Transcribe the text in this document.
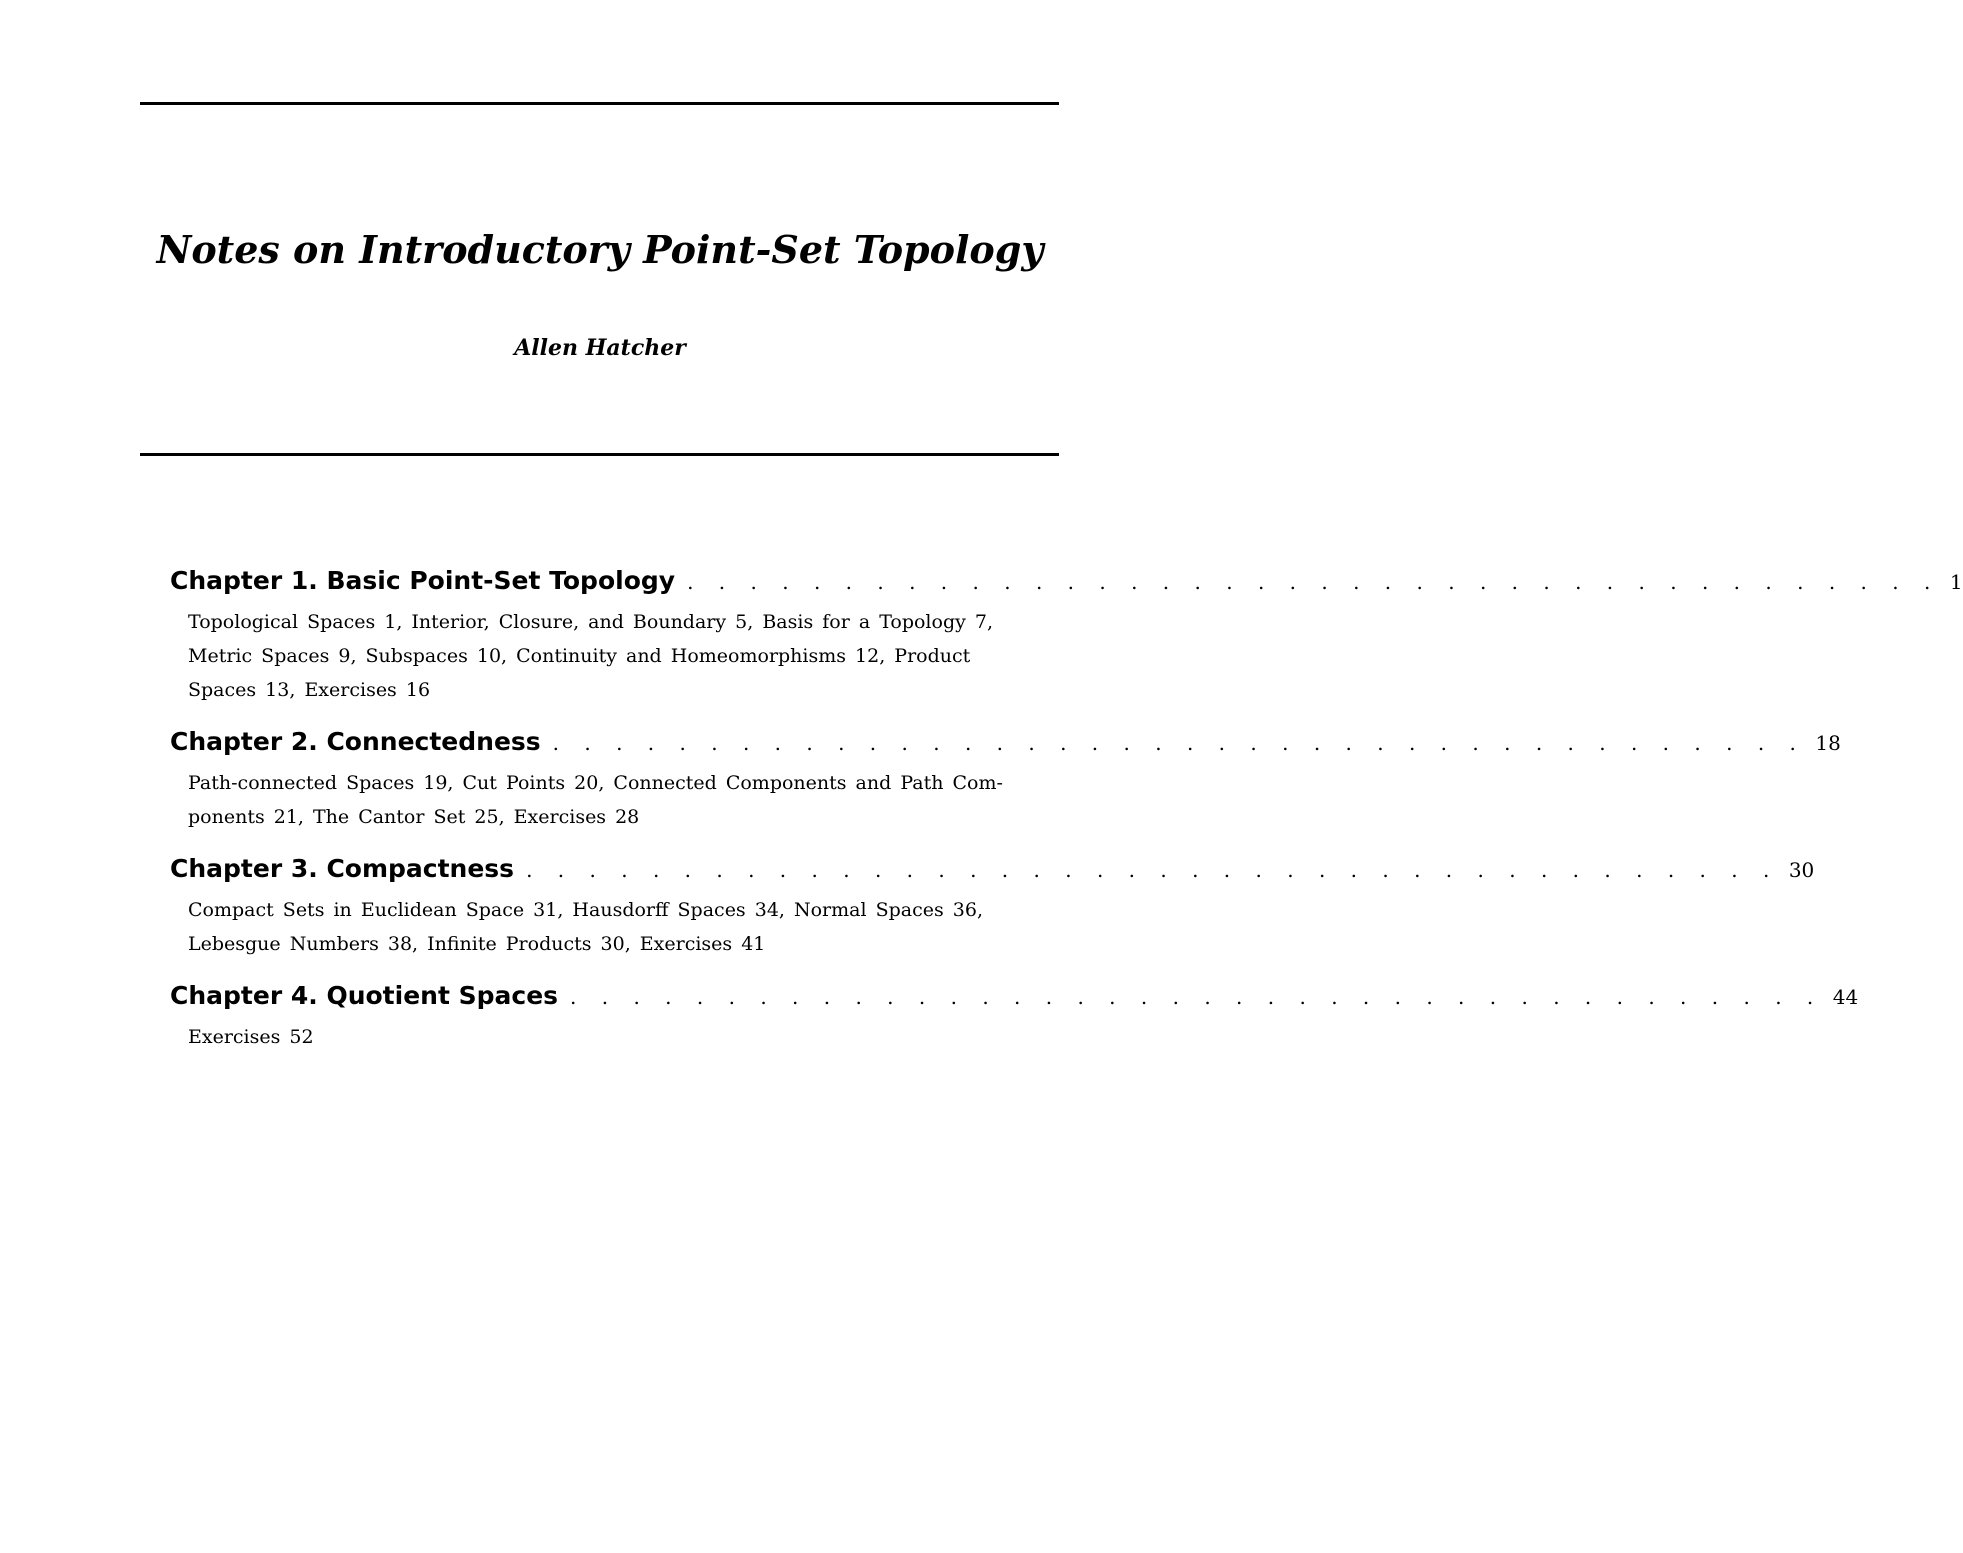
Notes on Introductory Point-Set Topology
Allen Hatcher
Chapter 1. Basic Point-Set Topology . . . . . . . . . . . . . . . . . . . . . . . . . . . . . . . . . . . . . . . . 1
Topological Spaces 1, Interior, Closure, and Boundary 5, Basis for a Topology 7,
Metric Spaces 9, Subspaces 10, Continuity and Homeomorphisms 12, Product
Spaces 13, Exercises 16
Chapter 2. Connectedness . . . . . . . . . . . . . . . . . . . . . . . . . . . . . . . . . . . . . . . . 18
Path-connected Spaces 19, Cut Points 20, Connected Components and Path Com-
ponents 21, The Cantor Set 25, Exercises 28
Chapter 3. Compactness . . . . . . . . . . . . . . . . . . . . . . . . . . . . . . . . . . . . . . . . 30
Compact Sets in Euclidean Space 31, Hausdorff Spaces 34, Normal Spaces 36,
Lebesgue Numbers 38, Infinite Products 30, Exercises 41
Chapter 4. Quotient Spaces . . . . . . . . . . . . . . . . . . . . . . . . . . . . . . . . . . . . . . . . 44
Exercises 52
